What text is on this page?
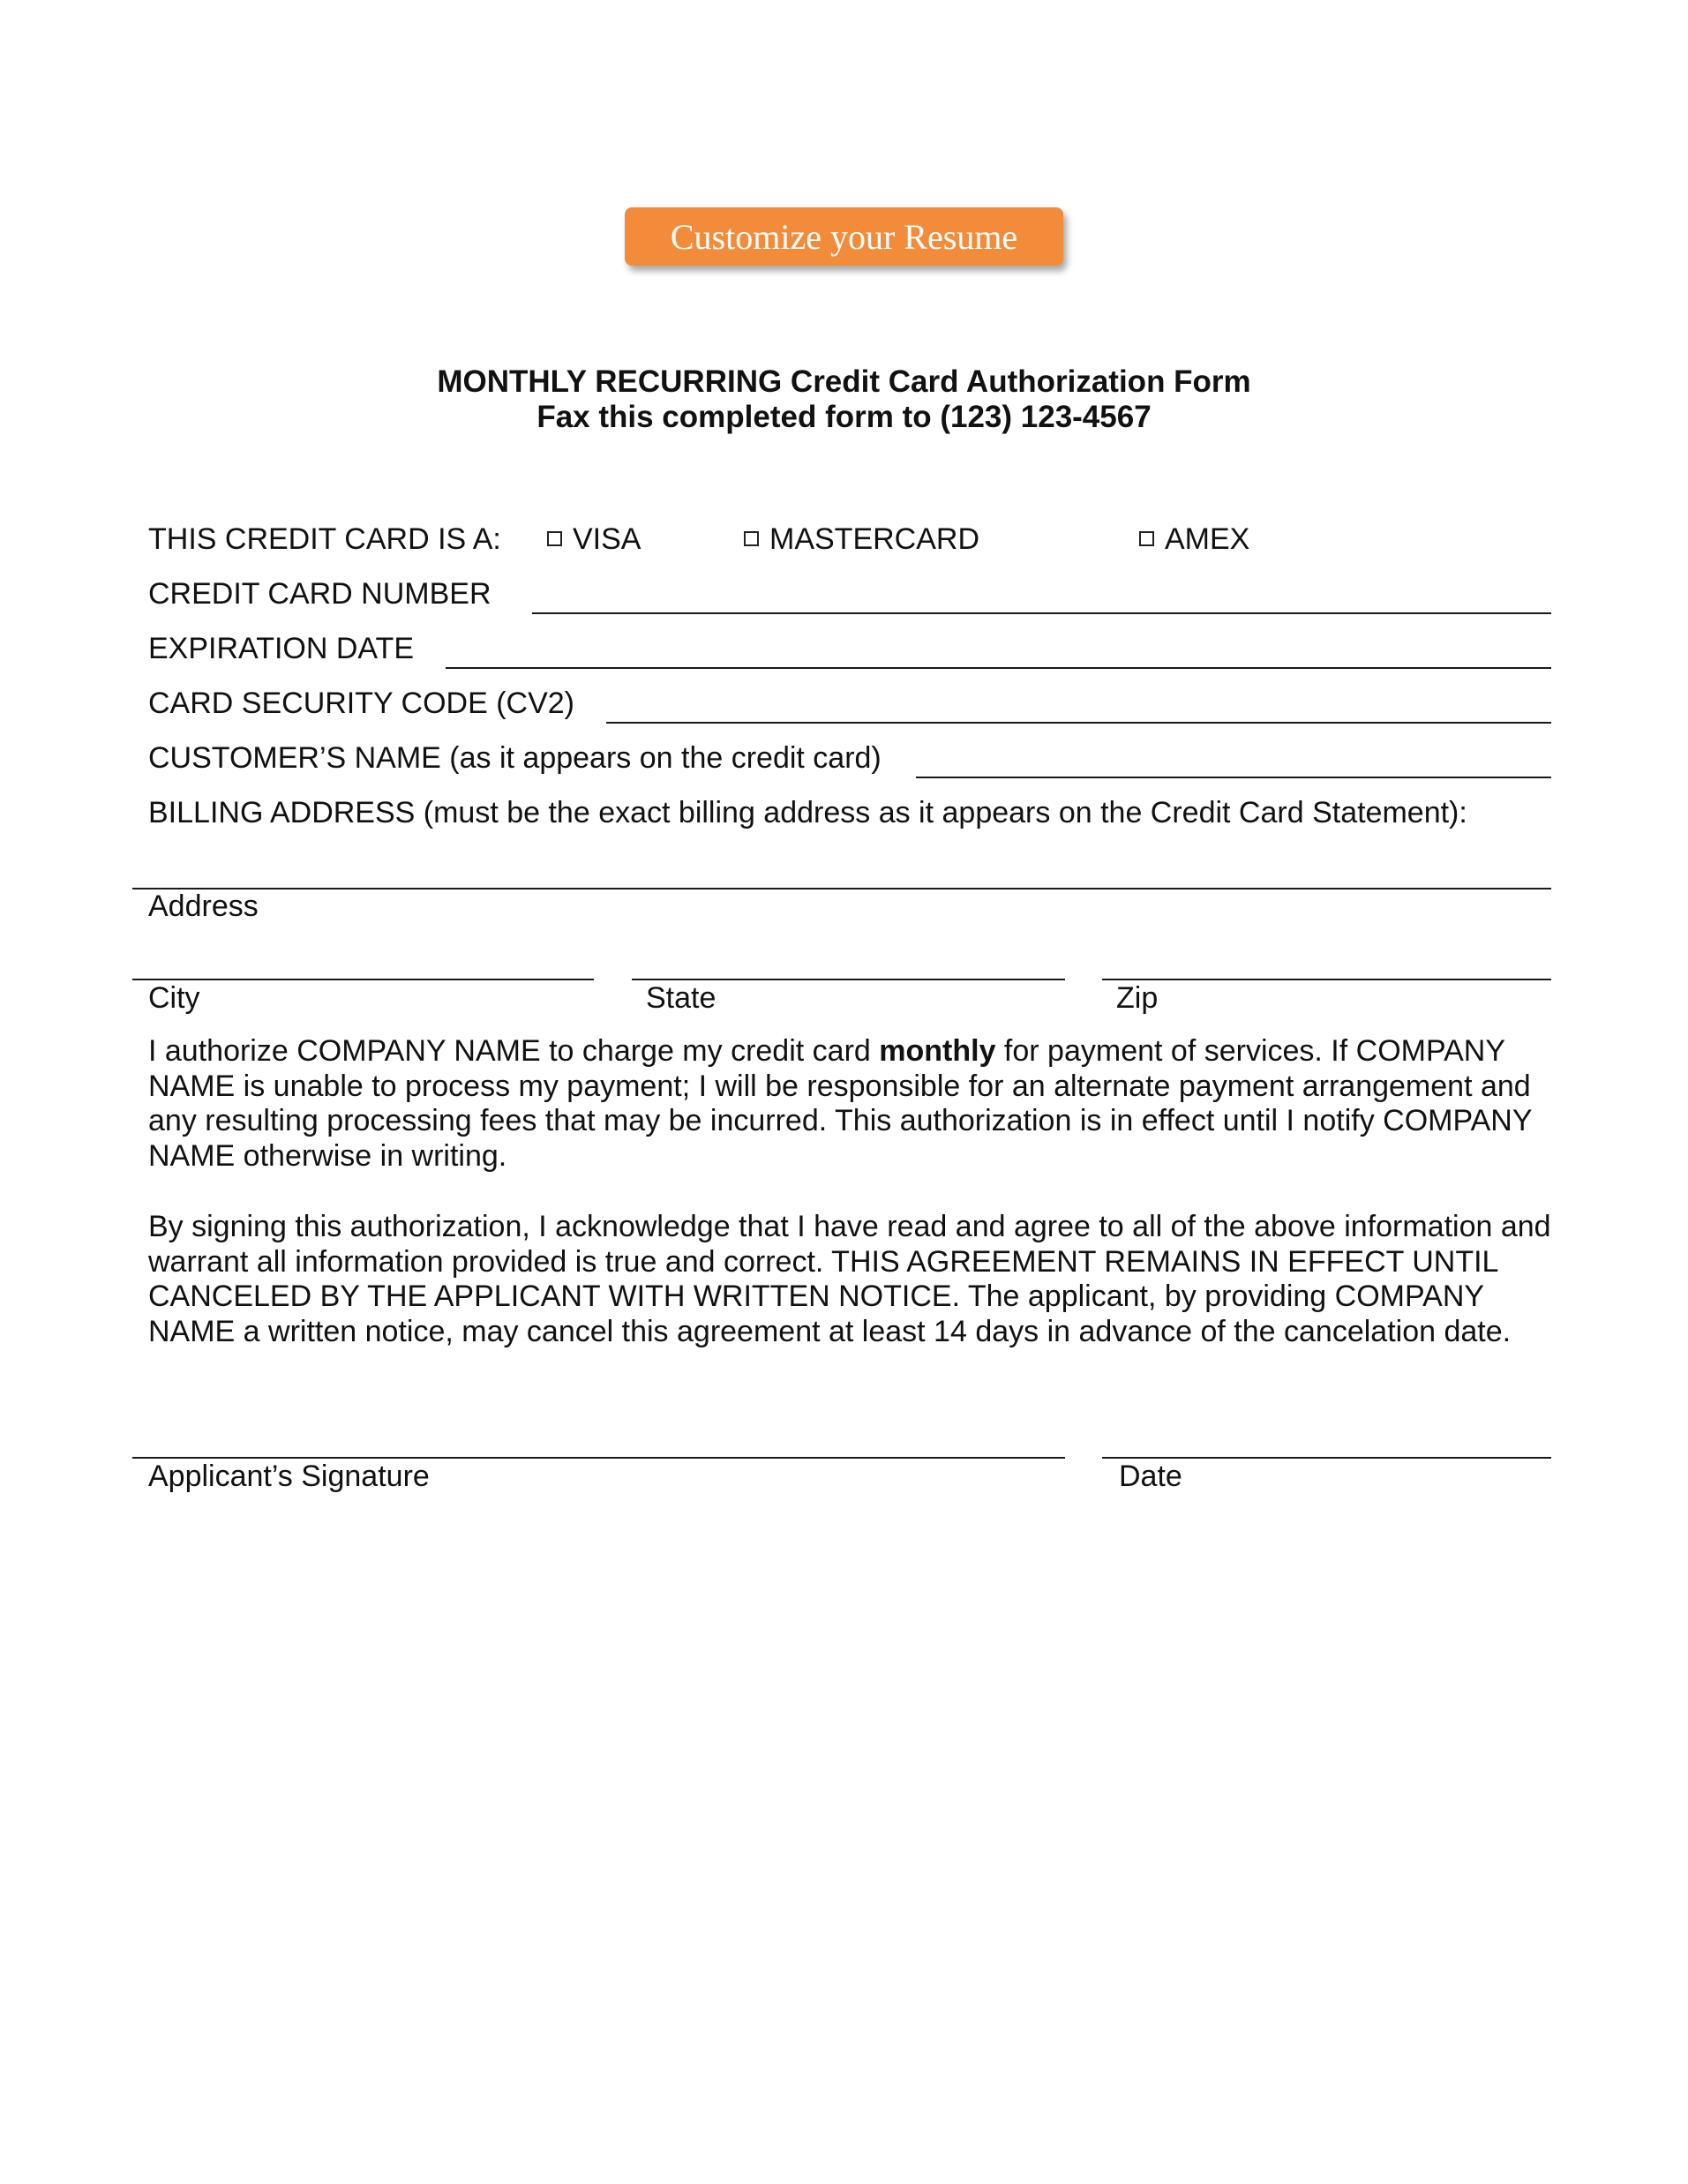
Customize your Resume
MONTHLY RECURRING Credit Card Authorization Form
Fax this completed form to (123) 123-4567
THIS CREDIT CARD IS A:	VISA	MASTERCARD	AMEX
CREDIT CARD NUMBER
EXPIRATION DATE
CARD SECURITY CODE (CV2)
CUSTOMER’S NAME (as it appears on the credit card)
BILLING ADDRESS (must be the exact billing address as it appears on the Credit Card Statement):
Address
City	State	Zip

I authorize COMPANY NAME to charge my credit card monthly for payment of services. If COMPANY NAME is unable to process my payment; I will be responsible for an alternate payment arrangement and any resulting processing fees that may be incurred. This authorization is in effect until I notify COMPANY NAME otherwise in writing.

By signing this authorization, I acknowledge that I have read and agree to all of the above information and warrant all information provided is true and correct. THIS AGREEMENT REMAINS IN EFFECT UNTIL CANCELED BY THE APPLICANT WITH WRITTEN NOTICE. The applicant, by providing COMPANY NAME a written notice, may cancel this agreement at least 14 days in advance of the cancelation date.

Applicant’s Signature	Date
